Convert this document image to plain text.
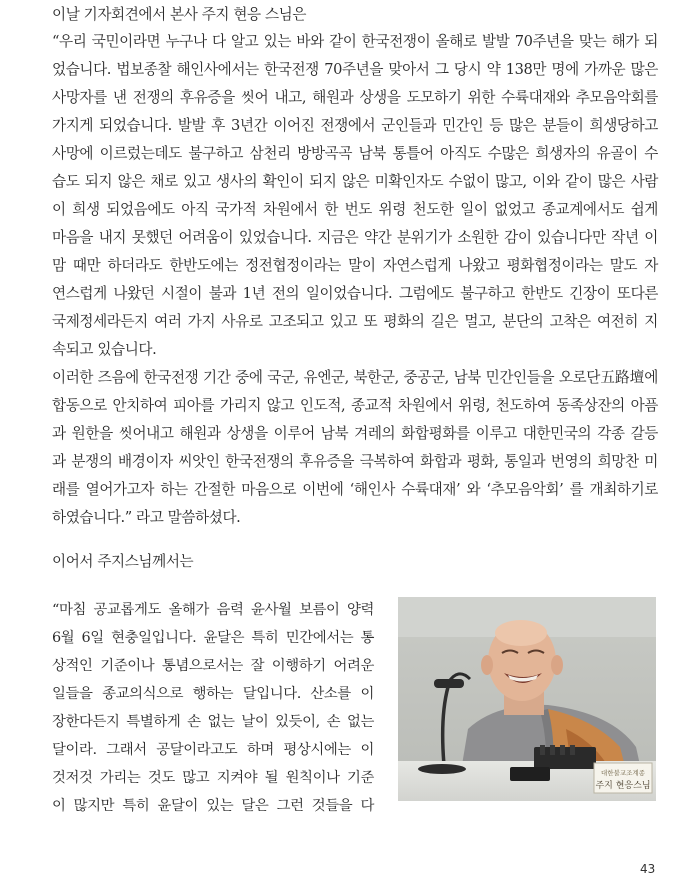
이날 기자회견에서 본사 주지 현응 스님은
“우리 국민이라면 누구나 다 알고 있는 바와 같이 한국전쟁이 올해로 발발 70주년을 맞는 해가 되
었습니다. 법보종찰 해인사에서는 한국전쟁 70주년을 맞아서 그 당시 약 138만 명에 가까운 많은
사망자를 낸 전쟁의 후유증을 씻어 내고, 해원과 상생을 도모하기 위한 수륙대재와 추모음악회를
가지게 되었습니다. 발발 후 3년간 이어진 전쟁에서 군인들과 민간인 등 많은 분들이 희생당하고
사망에 이르렀는데도 불구하고 삼천리 방방곡곡 남북 통틀어 아직도 수많은 희생자의 유골이 수
습도 되지 않은 채로 있고 생사의 확인이 되지 않은 미확인자도 수없이 많고, 이와 같이 많은 사람
이 희생 되었음에도 아직 국가적 차원에서 한 번도 위령 천도한 일이 없었고 종교계에서도 쉽게
마음을 내지 못했던 어려움이 있었습니다. 지금은 약간 분위기가 소원한 감이 있습니다만 작년 이
맘 때만 하더라도 한반도에는 정전협정이라는 말이 자연스럽게 나왔고 평화협정이라는 말도 자
연스럽게 나왔던 시절이 불과 1년 전의 일이었습니다. 그럼에도 불구하고 한반도 긴장이 또다른
국제정세라든지 여러 가지 사유로 고조되고 있고 또 평화의 길은 멀고, 분단의 고착은 여전히 지
속되고 있습니다.
이러한 즈음에 한국전쟁 기간 중에 국군, 유엔군, 북한군, 중공군, 남북 민간인들을 오로단五路壇에
합동으로 안치하여 피아를 가리지 않고 인도적, 종교적 차원에서 위령, 천도하여 동족상잔의 아픔
과 원한을 씻어내고 해원과 상생을 이루어 남북 겨레의 화합평화를 이루고 대한민국의 각종 갈등
과 분쟁의 배경이자 씨앗인 한국전쟁의 후유증을 극복하여 화합과 평화, 통일과 번영의 희망찬 미
래를 열어가고자 하는 간절한 마음으로 이번에 ‘해인사 수륙대재’ 와 ‘추모음악회’ 를 개최하기로
하였습니다.” 라고 말씀하셨다.
이어서 주지스님께서는
“마침 공교롭게도 올해가 음력 윤사월 보름이 양력
6월 6일 현충일입니다. 윤달은 특히 민간에서는 통
상적인 기준이나 통념으로서는 잘 이행하기 어려운
일들을 종교의식으로 행하는 달입니다. 산소를 이
장한다든지 특별하게 손 없는 날이 있듯이, 손 없는
달이라. 그래서 공달이라고도 하며 평상시에는 이
것저것 가리는 것도 많고 지켜야 될 원칙이나 기준
이 많지만 특히 윤달이 있는 달은 그런 것들을 다
대한불교조계종
주지 현응스님
43
